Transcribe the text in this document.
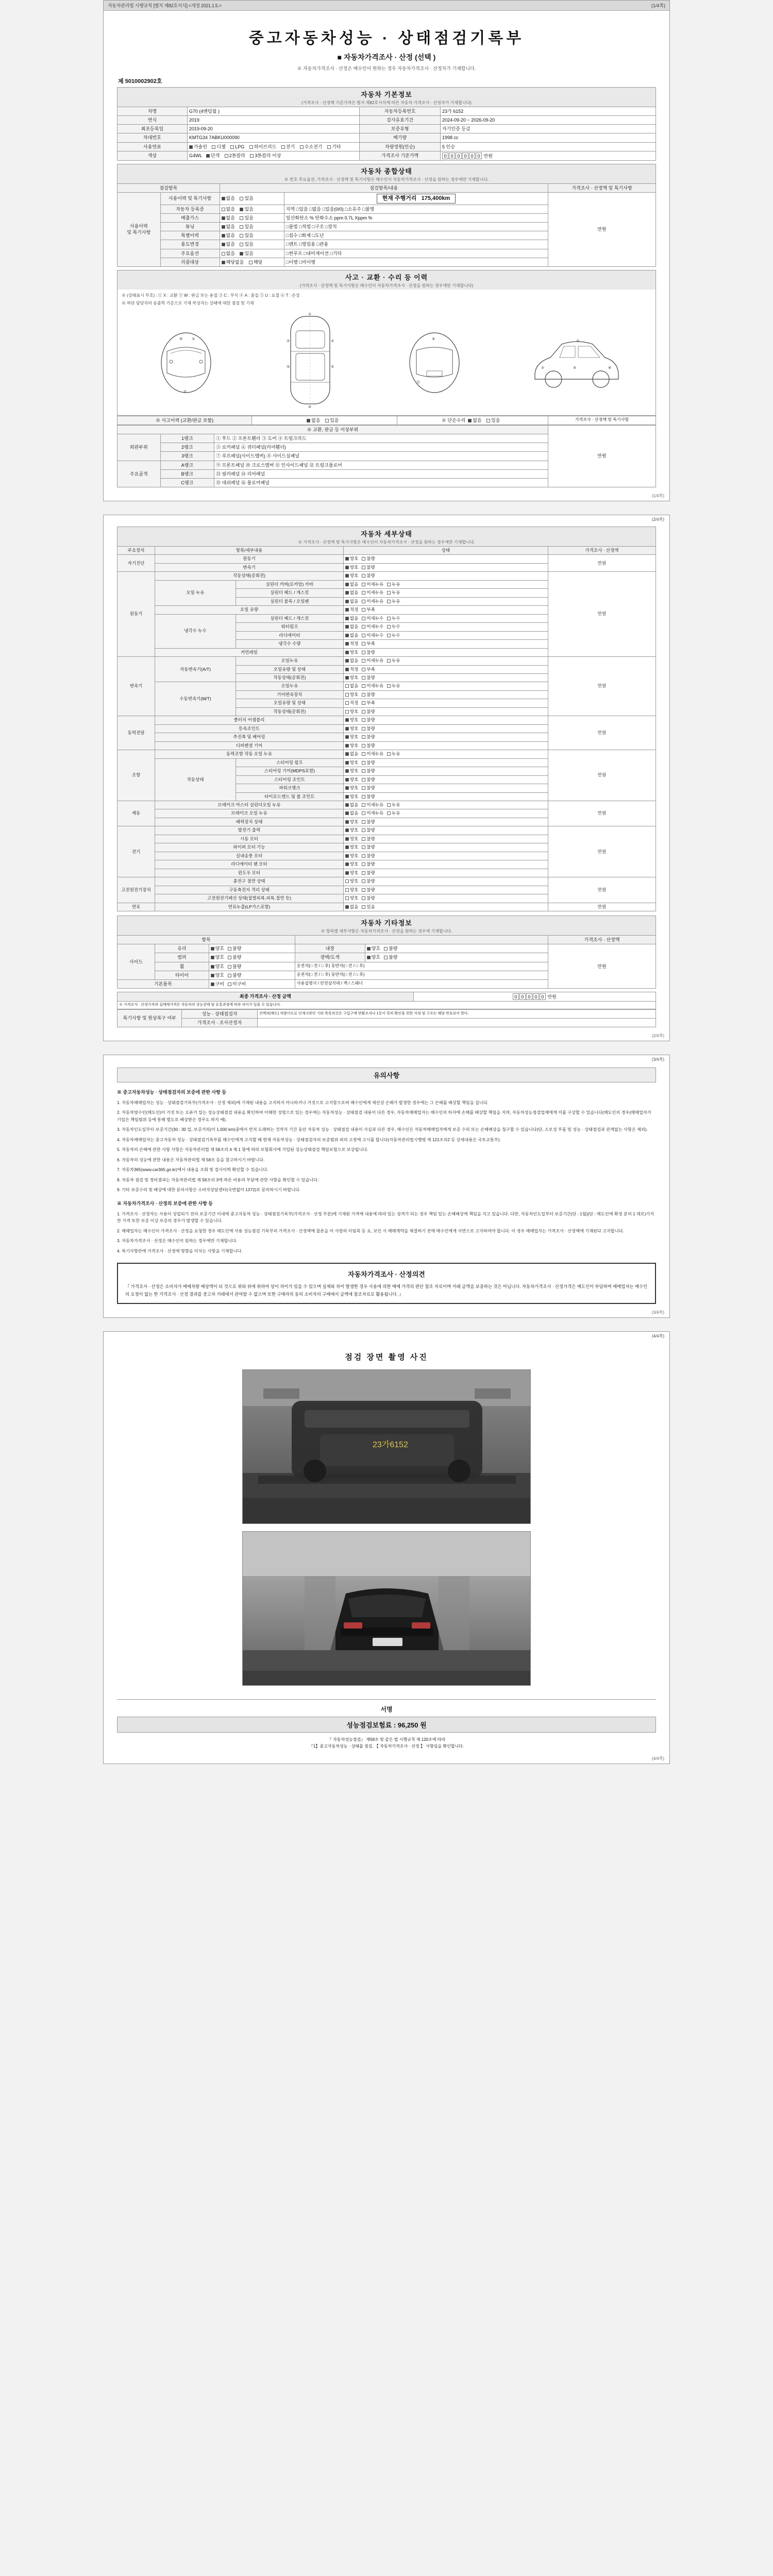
자동차관리법 시행규칙 [별지 제82호서식] <개정 2021.1.5.>	(1/4쪽)
중고자동차성능 · 상태점검기록부
■ 자동차가격조사 · 산정 (선택 )
※ 자동차가격조사 · 산정은 매수인이 원하는 경우 자동차가격조사 · 산정자가 기재합니다.
제 5010002902호
자동차 기본정보
(가격조사 · 산정액 기준가격은 별지 제82호서식에 따른 자동차 가격조사 · 산정자가 기재합니다)
차명	G70 (4벤텀월 )	자동차등록번호	23가 6152
연식	2019	검사유효기간	2024-09-20 ~ 2026-09-20
최초등록일	2019-09-20	보증유형	자기인증 등급
차대번호	KMTG34 7ABKU000090	배기량	1998 cc
사용연료	가솔린 디젤 LPG 하이브리드 전기 수소전기 기타	차량정원(인승)	5 인승
색상	G4WL 단색 2톤칼라 3톤칼라 이상	가격조사 기준가액	0 0 0 0 0 0 만원
자동차 종합상태
※ 번호 주요옵션, 가격조사 · 산정액 및 특기사항은 매수인이 자동차가격조사 · 산정을 원하는 경우에만 기재합니다.
점검항목		점검항목/내용		가격조사 · 산정액 및 특기사항
사용이력
및 특기사항	사용이력 및 특기사항	없음 있음	현재 주행거리   175,400km	만원
	자동차 등록증	없음 있음	지역 □있음 □없음 □있음(0/0) □소유주 □불명	
	배출가스	없음 있음	일산화탄소 % 탄화수소 ppm 0.7L Xppm %	
	튜닝	없음 있음	□불법 □적법 □구조 □장치	
	특별이력	없음 있음	□침수 □화재 □도난	
	용도변경	없음 있음	□렌트 □영업용 □관용	
	주요옵션	없음 있음	□썬루프 □내비게이션 □기타	
	리콜대상	해당없음 해당	□이행 □미이행	
사고 · 교환 · 수리 등 이력
(가격조사 · 산정액 및 특기사항은 매수인이 자동차가격조사 · 산정을 원하는 경우에만 기재합니다)
※ (상태표시 부호) : ① X : 교환 ② W : 판금 또는 용접 ③ C : 부식 ④ A : 흠집 ⑤ U : 요철 ⑥ T : 손상
※ 하단 담당자의 송출학 기준으로 기재 작성자는 상태에 대한 점검 및 기재
⑨	②
①
②	②
⑤	⑤
①
④
④
⑭
②	⑤	⑥
⑦
※ 사고이력 (교환/판금 포함)	없음 있음	※ 단순수리 없음 있음	가격조사 · 산정액 및 특기사항
※ 교환, 판금 등 이상부위			만원
외판부위	1랭크	① 후드 ② 프론트휀더 ③ 도어 ④ 트렁크리드	
	2랭크	⑤ 로커패널 ⑥ 쿼터패널(리어휀더)	
	3랭크	⑦ 루프패널(사이드멤버) ⑧ 사이드실패널	
주요골격	A랭크	⑨ 프론트패널 ⑩ 크로스멤버 ⑪ 인사이드패널 ⑫ 트렁크플로어	
	B랭크	⑬ 필러패널 ⑭ 리어패널	
	C랭크	⑮ 대쉬패널 ⑯ 플로어패널	
(1/4쪽)
(2/4쪽)
자동차 세부상태
※ 가격조사 · 산정액 및 특기사항은 매수인이 자동차가격조사 · 산정을 원하는 경우에만 기재합니다.
주요장치	항목/세부내용		상태	가격조사 · 산정액
자기진단	원동기		양호 불량	만원
	변속기		양호 불량	
원동기	작동상태(공회전)		양호 불량	만원
	오일 누유	실린더 커버(로커암) 카바	없음 미세누유 누유	
		실린더 헤드 / 개스킷	없음 미세누유 누유	
		실린더 블록 / 오일팬	없음 미세누유 누유	
	오일 유량		적정 부족	
	냉각수 누수	실린더 헤드 / 개스킷	없음 미세누수 누수	
		워터펌프	없음 미세누수 누수	
		라디에이터	없음 미세누수 누수	
		냉각수 수량	적정 부족	
	커먼레일		양호 불량	
변속기	자동변속기(A/T)	오일누유	없음 미세누유 누유	만원
		오일유량 및 상태	적정 부족	
		작동상태(공회전)	양호 불량	
	수동변속기(M/T)	오일누유	없음 미세누유 누유	
		기어변속장치	양호 불량	
		오일유량 및 상태	적정 부족	
		작동상태(공회전)	양호 불량	
동력전달	클러치 어셈블리		양호 불량	만원
	등속조인트		양호 불량	
	추진축 및 베어링		양호 불량	
	디퍼렌셜 기어		양호 불량	
조향	동력조향 작동 오일 누유		없음 미세누유 누유	만원
	작동상태	스티어링 펌프	양호 불량	
		스티어링 기어(MDPS포함)	양호 불량	
		스티어링 조인트	양호 불량	
		파워크랭크	양호 불량	
		타이로드엔드 및 볼 조인트	양호 불량	
제동	브레이크 마스터 실린더오일 누유		없음 미세누유 누유	만원
	브레이크 오일 누유		없음 미세누유 누유	
	배력장치 상태		양호 불량	
전기	발전기 출력		양호 불량	만원
	시동 모터		양호 불량	
	와이퍼 모터 기능		양호 불량	
	실내송풍 모터		양호 불량	
	라디에이터 팬 모터		양호 불량	
	윈도우 모터		양호 불량	
고전원전기장치	충전구 절연 상태		양호 불량	만원
	구동축전지 격리 상태		양호 불량	
	고전원전기배선 상태(접열피복,피복,절연 등)		양호 불량	
연료	연료누출(LP가스포함)		없음 있음	만원
자동차 기타정보
※ 항목별 세부사항은 자동차가격조사 · 산정을 원하는 경우에 기재합니다.
항목					가격조사 · 산정액
사이드	유리	양호 불량	내장	양호 불량	만원
	범퍼	양호 불량	광택/도색	양호 불량	
	휠	양호 불량	운전석(□ 전 / □ 후) 동반석(□ 전 / □ 후)		
	타이어	양호 불량	운전석(□ 전 / □ 후) 동반석(□ 전 / □ 후)		
기본품목		구비 미구비	사용설명서 / 안전삼각대 / 잭 / 스패너		
최종 가격조사 · 산정 금액	0 0 0 0 0 만원
※ 가격조사 · 산정가격과 실매매가격은 자동차의 성능상태 및 유통과정에 따라 차이가 있을 수 있습니다.
특기사항 및 원상복구 여부	성능 · 상태점검자	진액의(매도) 차량이므로 인계시판단 기타 목록의건은 구입구매 반환조치나 1등이 특히 확인을 위한 지정 및 구조는 해당 번호보이 한다.
	가격조사 · 조사산정자	
(2/4쪽)
(3/4쪽)
유의사항
※ 중고자동차성능 · 상태점검자의 보증에 관한 사항 등

1. 자동차매매업자는 성능 · 상태점검기록부(가격조사 · 산정 제외)에 기재된 내용을 고지하지 아니하거나 거짓으로 고지함으로써 매수인에게 재산상 손해가 발생한 경우에는 그 손해를 배상할 책임을 집니다.

2. 자동차양수인(매도인)이 거짓 또는 오류가 있는 성능상태점검 내용을 확인하여 이해한 성명으로 있는 경우에는 자동차성능 · 상태점검 내용이 다른 경우, 자동차매매업자는 매수인의 하자에 손해를 배상할 책임을 지며, 자동차성능점검업체에게 이를 구상할 수 있습니다(매도인의 경우(매매업자가 기업은 책임범위 등에 통해 별도로 배상받은 경우도 하지 예).

3. 자동차인도일부터 보증기간(30 : 30 일, 보증거리(이 1,000 km)중에서 먼저 도래하는 것까지 기간 동안 자동차 성능 · 상태점검 내용이 사실과 다른 경우, 매수인은 자동차매매업자에게 보증 수리 또는 손해배상을 청구할 수 있습니다(단, 소모성 부품 및 성능 · 상태점검과 관계없는 사항은 제외).

4. 자동차매매업자는 중고자동차 성능 · 상태점검기록부를 매수인에게 고지할 때 현재 자동차성능 · 상태점검자의 보증범위 외의 고장에 고시를 합니다(자동차관리법시행령 제 121조의2 등 상세내용은 국토교통부).

5. 자동차의 손해에 관한 사항 사항은 자동차관리법 제 58조의 4 제 1 항에 따라 보험회사에 가입된 성능상태점검 책임보험으로 보상됩니다.

6. 자동차의 성능에 관한 내용은 자동차관리법 제 58조 등을 참고하시기 바랍니다.

7. 자동차365(www.car365.go.kr)에서 내용을 조회 및 검사이력 확인할 수 있습니다.

8. 자동차 점검 및 정비결과는 자동차관리법 제 58조의 3에 따른 비용의 부담에 관한 사항을 확인할 수 있습니다.

9. 기타 보증수리 및 배상에 대한 문의사항은 소비자상담센터(국번없이 1372)로 문의하시기 바랍니다.

※ 자동차가격조사 · 산정의 보증에 관한 사항 등

1. 가격조사 · 산정자는 사용이 성립되기 전의 보증기간 이내에 중고자동차 성능 · 상태점검기록부(가격조사 · 산정 부분)에 기재된 가격에 내용에 따라 있는 성격가 되는 경우 책임 있는 손해배상에 책임을 지고 있습니다. 다만, 자동차인도일부터 보증기간(단 : 1월)(단 : 매도인에 확정 분의 1 대로)가지만 가격 또한 보증 이상 보증의 경우가 발생할 수 있습니다.

2. 매매업자는 매수인이 가격조사 · 산정을 요청한 경우 매도인에 사용 성능점검 기록부의 가격조사 · 산정액에 물론을 이 사람의 이임목 등 요, 보인 시 매매계약을 체결하기 전에 매수인에게 서면으로 고지하여야 합니다. 이 경우 매매업자는 가격조사 · 산정액에 기재된다 고지합니다.

3. 자동차가격조사 · 산정은 매수인이 원하는 경우에만 기재합니다.

4. 특기사항란에 가격조사 · 산정에 영향을 미치는 사항을 기재합니다.

자동차가격조사 · 산정의견
『 가격조사 · 산정은 소비자가 매매차량 예상액이 되 것으로 위와 위에 위하여 상이 차이가 있을 수 있으며 실제와 차이 발생한 경우 사용에 의한 매매 가격의 판단 참조 자료이며 거래 금액을 보증하는 것은 아닙니다. 자동차가격조사 · 산정가격은 매도인이 부담하며 매매업자는 매수인의 요청이 없는 한 가격조사 · 산정 결과를 중고차 거래에서 관여할 수 없으며 또한 구매자의 동의 소비자의 구매에서 금액에 참조자료로 활용됩니다. 』
(3/4쪽)
(4/4쪽)
점검 장면 촬영 사진
23가6152
서명
성능점검보험료 : 96,250 원
『 자동차성능점검』 제58조 및 같은 법 시행규칙 제 120조에 따라
『1】중고자동차성능 · 상태를 점검, 【 자동차가격조사 · 산정 】 사항임을 확인합니다.
(4/4쪽)
